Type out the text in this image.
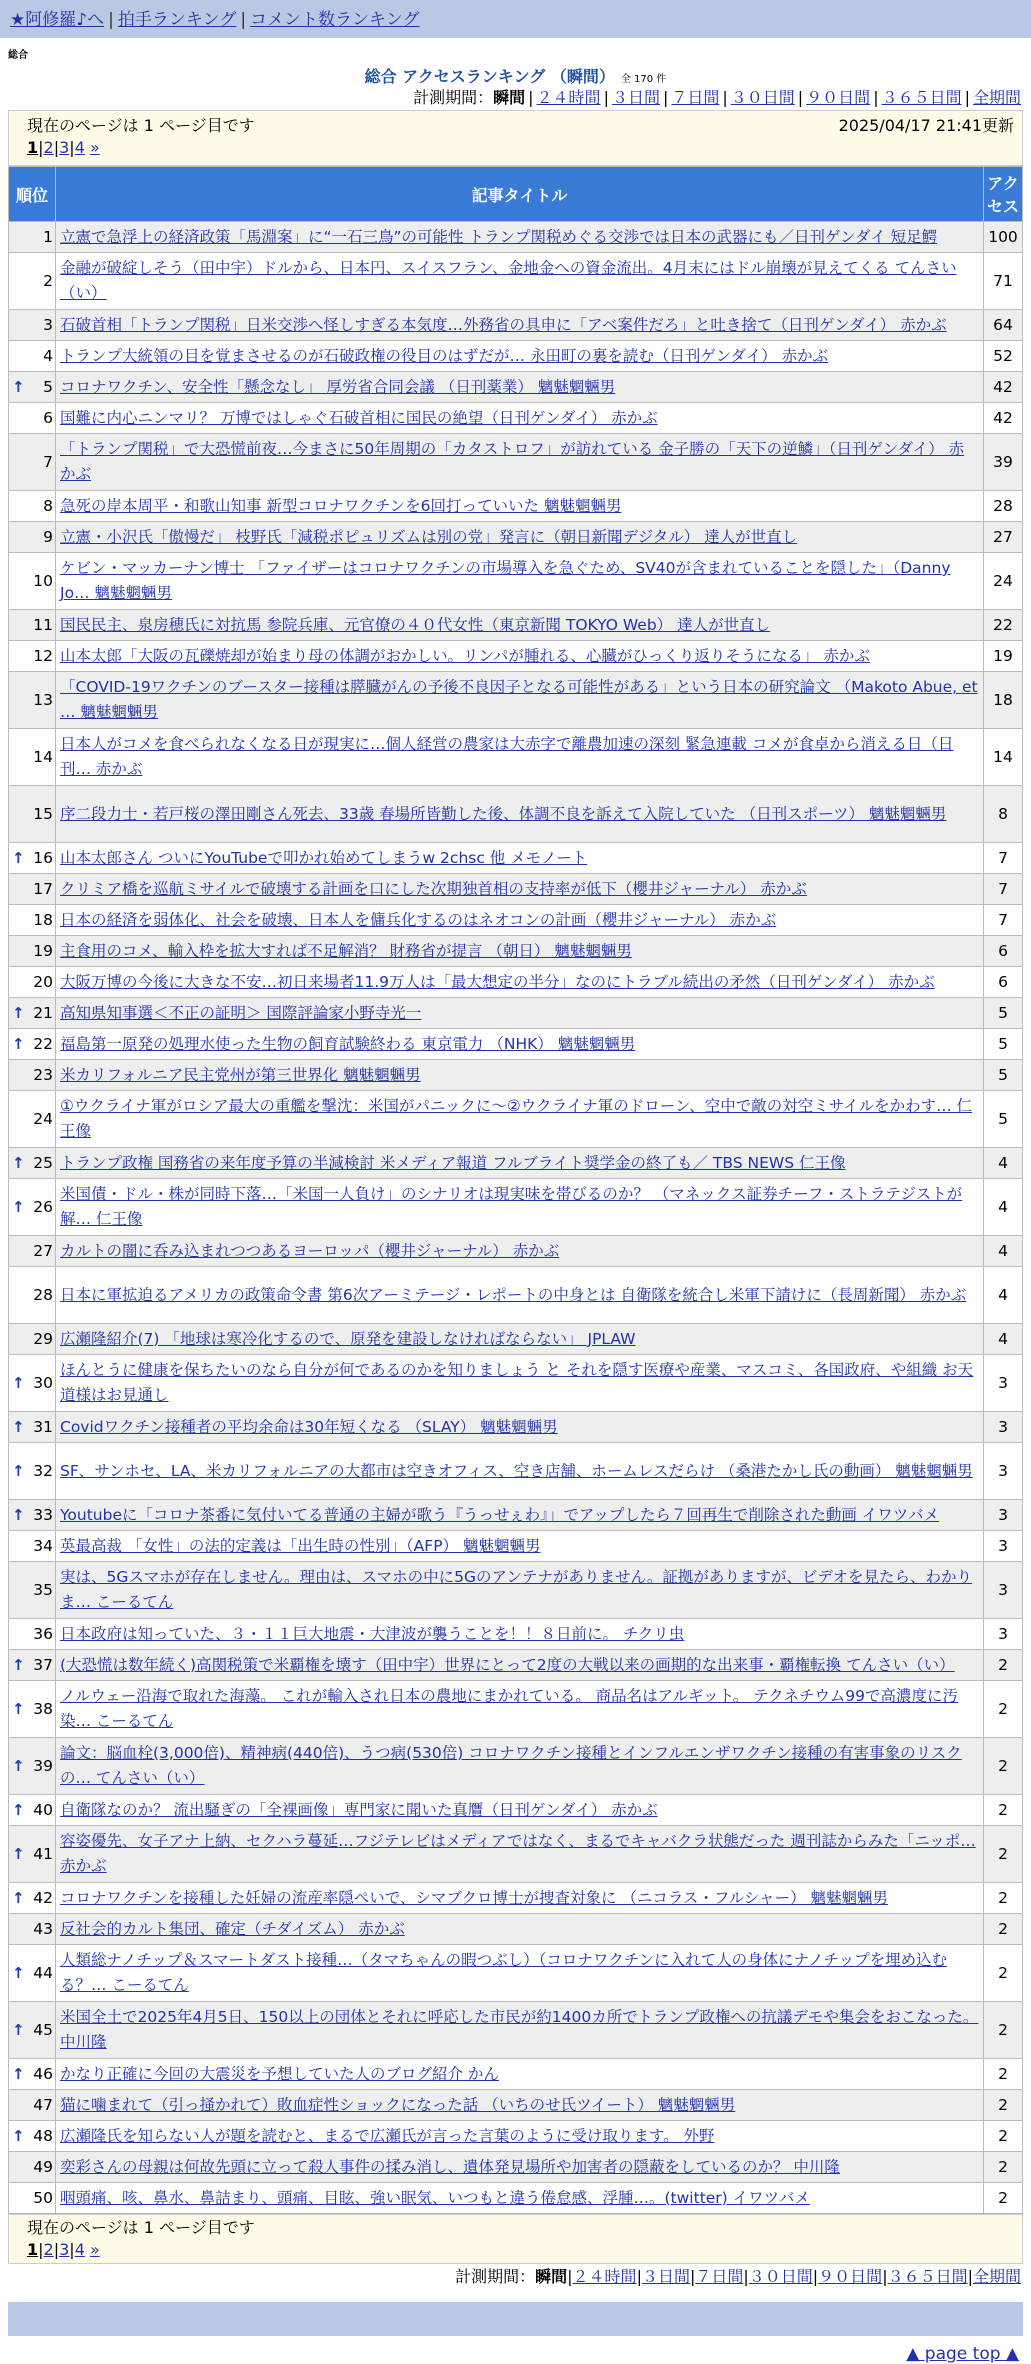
★阿修羅♪へ | 拍手ランキング | コメント数ランキング
総合
総合 アクセスランキング （瞬間） 全 170 件
計測期間：瞬間 | ２４時間 | ３日間 | ７日間 | ３０日間 | ９０日間 | ３６５日間 | 全期間
現在のページは 1 ページ目です	2025/04/17 21:41更新
1|2|3|4 »
順位	記事タイトル	アクセス
1	立憲で急浮上の経済政策「馬淵案」に“一石三鳥”の可能性 トランプ関税めぐる交渉では日本の武器にも／日刊ゲンダイ 短足鰐	100
2	金融が破綻しそう（田中宇）ドルから、日本円、スイスフラン、金地金への資金流出。4月末にはドル崩壊が見えてくる てんさい（い）	71
3	石破首相「トランプ関税」日米交渉へ怪しすぎる本気度…外務省の具申に「アベ案件だろ」と吐き捨て（日刊ゲンダイ） 赤かぶ	64
4	トランプ大統領の目を覚まさせるのが石破政権の役目のはずだが… 永田町の裏を読む（日刊ゲンダイ） 赤かぶ	52

↑ 5	コロナワクチン、安全性「懸念なし」 厚労省合同会議 （日刊薬業） 魑魅魍魎男	42
6	国難に内心ニンマリ？ 万博ではしゃぐ石破首相に国民の絶望（日刊ゲンダイ） 赤かぶ	42
7	「トランプ関税」で大恐慌前夜…今まさに50年周期の「カタストロフ」が訪れている 金子勝の「天下の逆鱗」（日刊ゲンダイ） 赤かぶ	39
8	急死の岸本周平・和歌山知事 新型コロナワクチンを6回打っていいた 魑魅魍魎男	28
9	立憲・小沢氏「傲慢だ」 枝野氏「減税ポピュリズムは別の党」発言に（朝日新聞デジタル） 達人が世直し	27
10	ケビン・マッカーナン博士 「ファイザーはコロナワクチンの市場導入を急ぐため、SV40が含まれていることを隠した」（Danny Jo… 魑魅魍魎男	24
11	国民民主、泉房穂氏に対抗馬 参院兵庫、元官僚の４０代女性（東京新聞 TOKYO Web） 達人が世直し	22
12	山本太郎「大阪の瓦礫焼却が始まり母の体調がおかしい。リンパが腫れる、心臓がひっくり返りそうになる」 赤かぶ	19
13	「COVID-19ワクチンのブースター接種は膵臓がんの予後不良因子となる可能性がある」という日本の研究論文 （Makoto Abue, et … 魑魅魍魎男	18
14	日本人がコメを食べられなくなる日が現実に…個人経営の農家は大赤字で離農加速の深刻 緊急連載 コメが食卓から消える日（日刊… 赤かぶ	14
15	序二段力士・若戸桜の澤田剛さん死去、33歳 春場所皆勤した後、体調不良を訴えて入院していた （日刊スポーツ） 魑魅魍魎男	8

↑ 16	山本太郎さん ついにYouTubeで叩かれ始めてしまうw 2chsc 他 メモノート	7
17	クリミア橋を巡航ミサイルで破壊する計画を口にした次期独首相の支持率が低下（櫻井ジャーナル） 赤かぶ	7
18	日本の経済を弱体化、社会を破壊、日本人を傭兵化するのはネオコンの計画（櫻井ジャーナル） 赤かぶ	7
19	主食用のコメ、輸入枠を拡大すれば不足解消？ 財務省が提言 （朝日） 魑魅魍魎男	6
20	大阪万博の今後に大きな不安…初日来場者11.9万人は「最大想定の半分」なのにトラブル続出の矛然（日刊ゲンダイ） 赤かぶ	6

↑ 21	高知県知事選＜不正の証明＞ 国際評論家小野寺光一	5

↑ 22	福島第一原発の処理水使った生物の飼育試験終わる 東京電力 （NHK） 魑魅魍魎男	5
23	米カリフォルニア民主党州が第三世界化 魑魅魍魎男	5
24	①ウクライナ軍がロシア最大の重艦を撃沈：米国がパニックに〜②ウクライナ軍のドローン、空中で敵の対空ミサイルをかわす… 仁王像	5

↑ 25	トランプ政権 国務省の来年度予算の半減検討 米メディア報道 フルブライト奨学金の終了も／ TBS NEWS 仁王像	4

↑ 26	米国債・ドル・株が同時下落…「米国一人負け」のシナリオは現実味を帯びるのか？ （マネックス証券チーフ・ストラテジストが解… 仁王像	4
27	カルトの闇に呑み込まれつつあるヨーロッパ（櫻井ジャーナル） 赤かぶ	4
28	日本に軍拡迫るアメリカの政策命令書 第6次アーミテージ・レポートの中身とは 自衛隊を統合し米軍下請けに（長周新聞） 赤かぶ	4
29	広瀬隆紹介(7) 「地球は寒冷化するので、原発を建設しなければならない」 JPLAW	4

↑ 30	ほんとうに健康を保ちたいのなら自分が何であるのかを知りましょう と それを隠す医療や産業、マスコミ、各国政府、や組織 お天道様はお見通し	3

↑ 31	Covidワクチン接種者の平均余命は30年短くなる （SLAY） 魑魅魍魎男	3

↑ 32	SF、サンホセ、LA、米カリフォルニアの大都市は空きオフィス、空き店舗、ホームレスだらけ （桑港たかし氏の動画） 魑魅魍魎男	3

↑ 33	Youtubeに「コロナ茶番に気付いてる普通の主婦が歌う『うっせぇわ』」でアップしたら７回再生で削除された動画 イワツバメ	3
34	英最高裁 「女性」の法的定義は「出生時の性別」（AFP） 魑魅魍魎男	3
35	実は、5Gスマホが存在しません。理由は、スマホの中に5Gのアンテナがありません。証拠がありますが、ビデオを見たら、わかりま… こーるてん	3
36	日本政府は知っていた、３・１１巨大地震・大津波が襲うことを！！８日前に。 チクリ虫	3

↑ 37	(大恐慌は数年続く)高関税策で米覇権を壊す（田中宇）世界にとって2度の大戦以来の画期的な出来事・覇権転換 てんさい（い）	2

↑ 38	ノルウェー沿海で取れた海藻。 これが輸入され日本の農地にまかれている。 商品名はアルギット。 テクネチウム99で高濃度に汚染… こーるてん	2

↑ 39	論文：脳血栓(3,000倍)、精神病(440倍)、うつ病(530倍) コロナワクチン接種とインフルエンザワクチン接種の有害事象のリスクの… てんさい（い）	2

↑ 40	自衛隊なのか？ 流出騒ぎの「全裸画像」専門家に聞いた真贋（日刊ゲンダイ） 赤かぶ	2

↑ 41	容姿優先、女子アナ上納、セクハラ蔓延…フジテレビはメディアではなく、まるでキャバクラ状態だった 週刊誌からみた「ニッポ… 赤かぶ	2

↑ 42	コロナワクチンを接種した妊婦の流産率隠ぺいで、シマブクロ博士が捜査対象に （ニコラス・フルシャー） 魑魅魍魎男	2
43	反社会的カルト集団、確定（チダイズム） 赤かぶ	2

↑ 44	人類総ナノチップ＆スマートダスト接種…（タマちゃんの暇つぶし）（コロナワクチンに入れて人の身体にナノチップを埋め込むる？… こーるてん	2

↑ 45	米国全土で2025年4月5日、150以上の団体とそれに呼応した市民が約1400カ所でトランプ政権への抗議デモや集会をおこなった。 中川隆	2

↑ 46	かなり正確に今回の大震災を予想していた人のブログ紹介 かん	2
47	猫に噛まれて（引っ掻かれて）敗血症性ショックになった話 （いちのせ氏ツイート） 魑魅魍魎男	2

↑ 48	広瀬隆氏を知らない人が題を読むと、まるで広瀬氏が言った言葉のように受け取ります。 外野	2
49	奕彩さんの母親は何故先頭に立って殺人事件の揉み消し、遺体発見場所や加害者の隠蔽をしているのか？ 中川隆	2
50	咽頭痛、咳、鼻水、鼻詰まり、頭痛、目眩、強い眠気、いつもと違う倦怠感、浮腫…。(twitter) イワツバメ	2
現在のページは 1 ページ目です
1|2|3|4 »
計測期間：瞬間|２４時間|３日間|７日間|３０日間|９０日間|３６５日間|全期間
▲ page top ▲
